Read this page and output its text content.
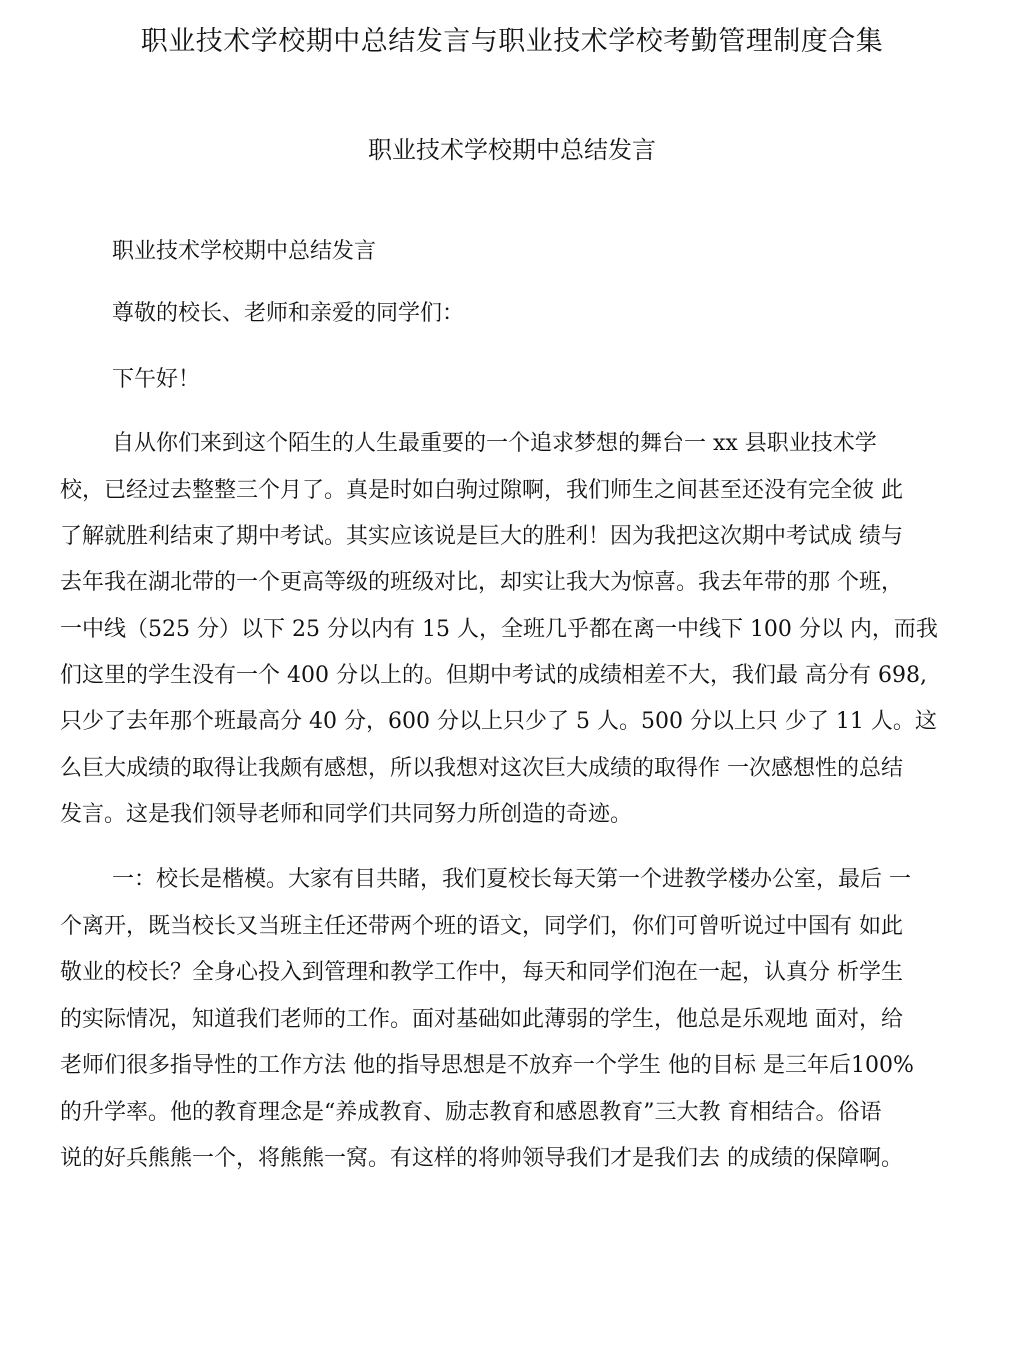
职业技术学校期中总结发言与职业技术学校考勤管理制度合集
职业技术学校期中总结发言
职业技术学校期中总结发言
尊敬的校长、老师和亲爱的同学们：
下午好！
自从你们来到这个陌生的人生最重要的一个追求梦想的舞台一 xx 县职业技术学
校，已经过去整整三个月了。真是时如白驹过隙啊，我们师生之间甚至还没有完全彼 此
了解就胜利结束了期中考试。其实应该说是巨大的胜利！因为我把这次期中考试成 绩与
去年我在湖北带的一个更高等级的班级对比，却实让我大为惊喜。我去年带的那 个班，
一中线（525 分）以下 25 分以内有 15 人，全班几乎都在离一中线下 100 分以 内，而我
们这里的学生没有一个 400 分以上的。但期中考试的成绩相差不大，我们最 高分有 698,
只少了去年那个班最高分 40 分，600 分以上只少了 5 人。500 分以上只 少了 11 人。这
么巨大成绩的取得让我颇有感想，所以我想对这次巨大成绩的取得作 一次感想性的总结
发言。这是我们领导老师和同学们共同努力所创造的奇迹。
一：校长是楷模。大家有目共睹，我们夏校长每天第一个进教学楼办公室，最后 一
个离开，既当校长又当班主任还带两个班的语文，同学们，你们可曾听说过中国有 如此
敬业的校长？全身心投入到管理和教学工作中，每天和同学们泡在一起，认真分 析学生
的实际情况，知道我们老师的工作。面对基础如此薄弱的学生，他总是乐观地 面对，给
老师们很多指导性的工作方法 他的指导思想是不放弃一个学生 他的目标 是三年后100%
的升学率。他的教育理念是“养成教育、励志教育和感恩教育”三大教 育相结合。俗语
说的好兵熊熊一个，将熊熊一窝。有这样的将帅领导我们才是我们去 的成绩的保障啊。
